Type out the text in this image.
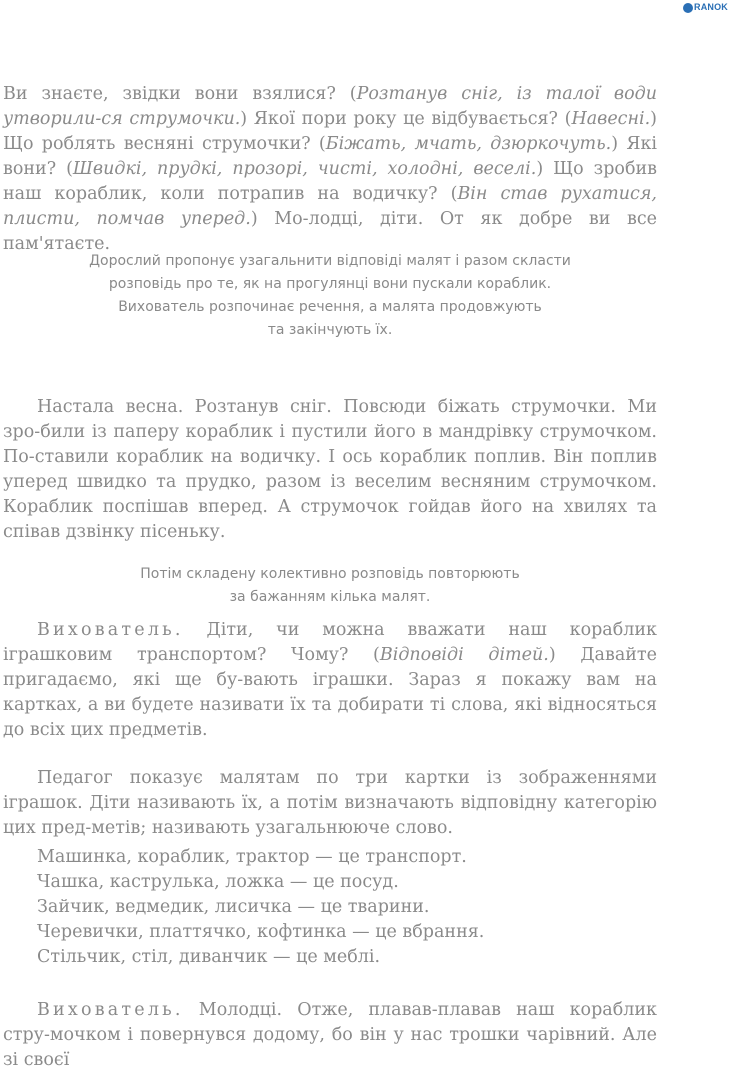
RANOK

Ви знаєте, звідки вони взялися? (Розтанув сніг, із талої води утворили-ся струмочки.) Якої пори року це відбувається? (Навесні.) Що роблять весняні струмочки? (Біжать, мчать, дзюркочуть.) Які вони? (Швидкі, прудкі, прозорі, чисті, холодні, веселі.) Що зробив наш кораблик, коли потрапив на водичку? (Він став рухатися, плисти, помчав уперед.) Мо-лодці, діти. От як добре ви все пам'ятаєте.

Дорослий пропонує узагальнити відповіді малят і разом скласти
розповідь про те, як на прогулянці вони пускали кораблик.
Вихователь розпочинає речення, а малята продовжують
та закінчують їх.

Настала весна. Розтанув сніг. Повсюди біжать струмочки. Ми зро-били із паперу кораблик і пустили його в мандрівку струмочком. По-ставили кораблик на водичку. І ось кораблик поплив. Він поплив уперед швидко та прудко, разом із веселим весняним струмочком. Кораблик поспішав вперед. А струмочок гойдав його на хвилях та співав дзвінку пісеньку.

Потім складену колективно розповідь повторюють
за бажанням кілька малят.

Вихователь. Діти, чи можна вважати наш кораблик іграшковим транспортом? Чому? (Відповіді дітей.) Давайте пригадаємо, які ще бу-вають іграшки. Зараз я покажу вам на картках, а ви будете називати їх та добирати ті слова, які відносяться до всіх цих предметів.

Педагог показує малятам по три картки із зображеннями іграшок. Діти називають їх, а потім визначають відповідну категорію цих пред-метів; називають узагальнююче слово.

Машинка, кораблик, трактор — це транспорт.
Чашка, каструлька, ложка — це посуд.
Зайчик, ведмедик, лисичка — це тварини.
Черевички, платтячко, кофтинка — це вбрання.
Стільчик, стіл, диванчик — це меблі.

Вихователь. Молодці. Отже, плавав-плавав наш кораблик стру-мочком і повернувся додому, бо він у нас трошки чарівний. Але зі своєї
